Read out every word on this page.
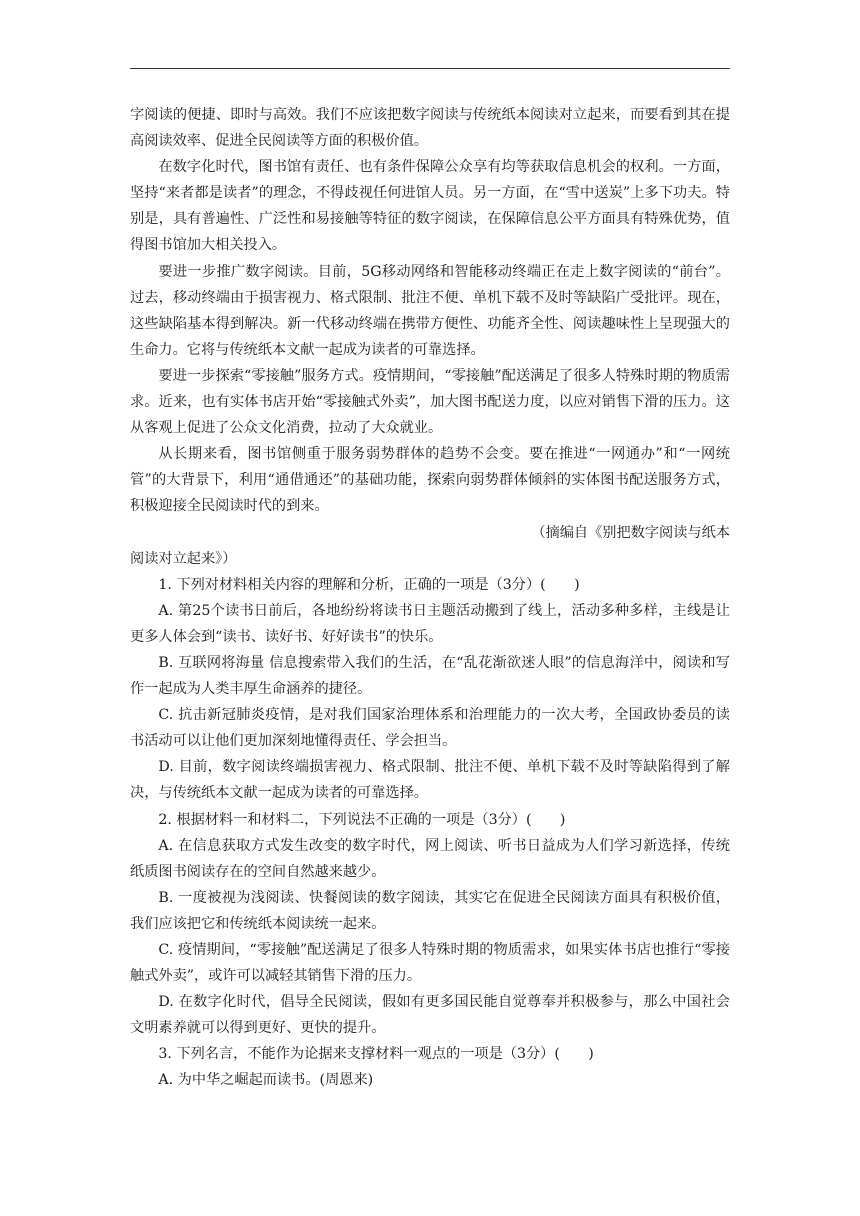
字阅读的便捷、即时与高效。我们不应该把数字阅读与传统纸本阅读对立起来，而要看到其在提高阅读效率、促进全民阅读等方面的积极价值。

在数字化时代，图书馆有责任、也有条件保障公众享有均等获取信息机会的权利。一方面，坚持“来者都是读者”的理念，不得歧视任何进馆人员。另一方面，在“雪中送炭”上多下功夫。特别是，具有普遍性、广泛性和易接触等特征的数字阅读，在保障信息公平方面具有特殊优势，值得图书馆加大相关投入。

要进一步推广数字阅读。目前，5G移动网络和智能移动终端正在走上数字阅读的“前台”。过去，移动终端由于损害视力、格式限制、批注不便、单机下载不及时等缺陷广受批评。现在，这些缺陷基本得到解决。新一代移动终端在携带方便性、功能齐全性、阅读趣味性上呈现强大的生命力。它将与传统纸本文献一起成为读者的可靠选择。

要进一步探索“零接触”服务方式。疫情期间，“零接触”配送满足了很多人特殊时期的物质需求。近来，也有实体书店开始“零接触式外卖”，加大图书配送力度，以应对销售下滑的压力。这从客观上促进了公众文化消费，拉动了大众就业。

从长期来看，图书馆侧重于服务弱势群体的趋势不会变。要在推进“一网通办”和“一网统管”的大背景下，利用“通借通还”的基础功能，探索向弱势群体倾斜的实体图书配送服务方式，积极迎接全民阅读时代的到来。

（摘编自《别把数字阅读与纸本

阅读对立起来》）

1. 下列对材料相关内容的理解和分析，正确的一项是（3分）(　　)

A. 第25个读书日前后，各地纷纷将读书日主题活动搬到了线上，活动多种多样，主线是让更多人体会到“读书、读好书、好好读书”的快乐。

B. 互联网将海量 信息搜索带入我们的生活，在“乱花渐欲迷人眼”的信息海洋中，阅读和写作一起成为人类丰厚生命涵养的捷径。

C. 抗击新冠肺炎疫情，是对我们国家治理体系和治理能力的一次大考，全国政协委员的读书活动可以让他们更加深刻地懂得责任、学会担当。

D. 目前，数字阅读终端损害视力、格式限制、批注不便、单机下载不及时等缺陷得到了解决，与传统纸本文献一起成为读者的可靠选择。

2. 根据材料一和材料二，下列说法不正确的一项是（3分）(　　)

A. 在信息获取方式发生改变的数字时代，网上阅读、听书日益成为人们学习新选择，传统纸质图书阅读存在的空间自然越来越少。

B. 一度被视为浅阅读、快餐阅读的数字阅读，其实它在促进全民阅读方面具有积极价值，我们应该把它和传统纸本阅读统一起来。

C. 疫情期间，“零接触”配送满足了很多人特殊时期的物质需求，如果实体书店也推行“零接触式外卖”，或许可以减轻其销售下滑的压力。

D. 在数字化时代，倡导全民阅读，假如有更多国民能自觉尊奉并积极参与，那么中国社会文明素养就可以得到更好、更快的提升。

3. 下列名言，不能作为论据来支撑材料一观点的一项是（3分）(　　)

A. 为中华之崛起而读书。(周恩来)
